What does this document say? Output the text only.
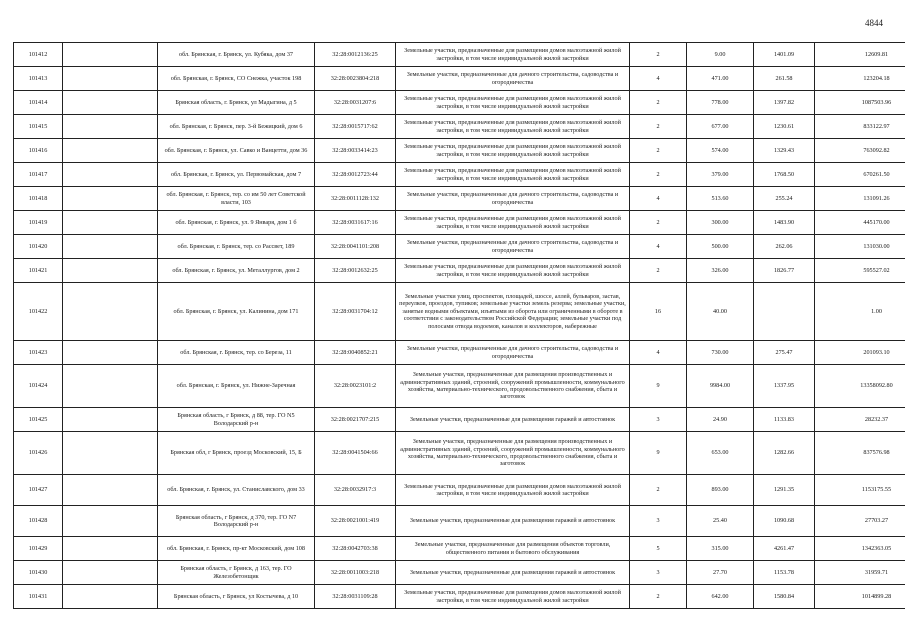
4844
101412		обл. Брянская, г. Брянск, ул. Кубяка, дом 37	32:28:0012136:25	Земельные участки, предназначенные для размещения домов малоэтажной жилой застройки, в том числе индивидуальной жилой застройки	2	9.00	1401.09	12609.81
101413		обл. Брянская, г. Брянск, СО Снежка, участок 198	32:28:0023804:218	Земельные участки, предназначенные для дачного строительства, садоводства и огородничества	4	471.00	261.58	123204.18
101414		Брянская область, г. Брянск, ул Мадыгина, д 5	32:28:0031207:6	Земельные участки, предназначенные для размещения домов малоэтажной жилой застройки, в том числе индивидуальной жилой застройки	2	778.00	1397.82	1087503.96
101415		обл. Брянская, г. Брянск, пер. 3-й Бежицкий, дом 6	32:28:0015717:62	Земельные участки, предназначенные для размещения домов малоэтажной жилой застройки, в том числе индивидуальной жилой застройки	2	677.00	1230.61	833122.97
101416		обл. Брянская, г. Брянск, ул. Савко и Ванцетти, дом 36	32:28:0033414:23	Земельные участки, предназначенные для размещения домов малоэтажной жилой застройки, в том числе индивидуальной жилой застройки	2	574.00	1329.43	763092.82
101417		обл. Брянская, г. Брянск, ул. Первомайская, дом 7	32:28:0012723:44	Земельные участки, предназначенные для размещения домов малоэтажной жилой застройки, в том числе индивидуальной жилой застройки	2	379.00	1768.50	670261.50
101418		обл. Брянская, г. Брянск, тер. со им 50 лет Советской власти, 103	32:28:0011128:132	Земельные участки, предназначенные для дачного строительства, садоводства и огородничества	4	513.60	255.24	131091.26
101419		обл. Брянская, г. Брянск, ул. 9 Января, дом 1 б	32:28:0031617:16	Земельные участки, предназначенные для размещения домов малоэтажной жилой застройки, в том числе индивидуальной жилой застройки	2	300.00	1483.90	445170.00
101420		обл. Брянская, г. Брянск, тер. со Рассвет, 189	32:28:0041101:208	Земельные участки, предназначенные для дачного строительства, садоводства и огородничества	4	500.00	262.06	131030.00
101421		обл. Брянская, г. Брянск, ул. Металлургов, дом 2	32:28:0012632:25	Земельные участки, предназначенные для размещения домов малоэтажной жилой застройки, в том числе индивидуальной жилой застройки	2	326.00	1826.77	595527.02
101422		обл. Брянская, г. Брянск, ул. Калинина, дом 171	32:28:0031704:12	Земельные участки улиц, проспектов, площадей, шоссе, аллей, бульваров, застав, переулков, проездов, тупиков; земельные участки земель резерва; земельные участки, занятые водными объектами, изъятыми из оборота или ограниченными в обороте в соответствии с законодательством Российской Федерации; земельные участки под полосами отвода водоемов, каналов и коллекторов, набережные	16	40.00		1.00
101423		обл. Брянская, г. Брянск, тер. со Береза, 11	32:28:0040852:21	Земельные участки, предназначенные для дачного строительства, садоводства и огородничества	4	730.00	275.47	201093.10
101424		обл. Брянская, г. Брянск, ул. Нижне-Заречная	32:28:0023101:2	Земельные участки, предназначенные для размещения производственных и административных зданий, строений, сооружений промышленности, коммунального хозяйства, материально-технического, продовольственного снабжения, сбыта и заготовок	9	9984.00	1337.95	13358092.80
101425		Брянская область, г Брянск, д 88, тер. ГО N5 Володарский р-н	32:28:0021707:215	Земельные участки, предназначенные для размещения гаражей и автостоянок	3	24.90	1133.83	28232.37
101426		Брянская обл, г Брянск, проезд Московский, 15, Б	32:28:0041504:66	Земельные участки, предназначенные для размещения производственных и административных зданий, строений, сооружений промышленности, коммунального хозяйства, материально-технического, продовольственного снабжения, сбыта и заготовок	9	653.00	1282.66	837576.98
101427		обл. Брянская, г. Брянск, ул. Станиславского, дом 33	32:28:0032917:3	Земельные участки, предназначенные для размещения домов малоэтажной жилой застройки, в том числе индивидуальной жилой застройки	2	893.00	1291.35	1153175.55
101428		Брянская область, г Брянск, д 370, тер. ГО N7 Володарский р-н	32:28:0021001:419	Земельные участки, предназначенные для размещения гаражей и автостоянок	3	25.40	1090.68	27703.27
101429		обл. Брянская, г. Брянск, пр-кт Московский, дом 108	32:28:0042703:38	Земельные участки, предназначенные для размещения объектов торговли, общественного питания и бытового обслуживания	5	315.00	4261.47	1342363.05
101430		Брянская область, г Брянск, д 163, тер. ГО Железобетонщик	32:28:0011003:218	Земельные участки, предназначенные для размещения гаражей и автостоянок	3	27.70	1153.78	31959.71
101431		Брянская область, г Брянск, ул Костычева, д 10	32:28:0031109:28	Земельные участки, предназначенные для размещения домов малоэтажной жилой застройки, в том числе индивидуальной жилой застройки	2	642.00	1580.84	1014899.28
